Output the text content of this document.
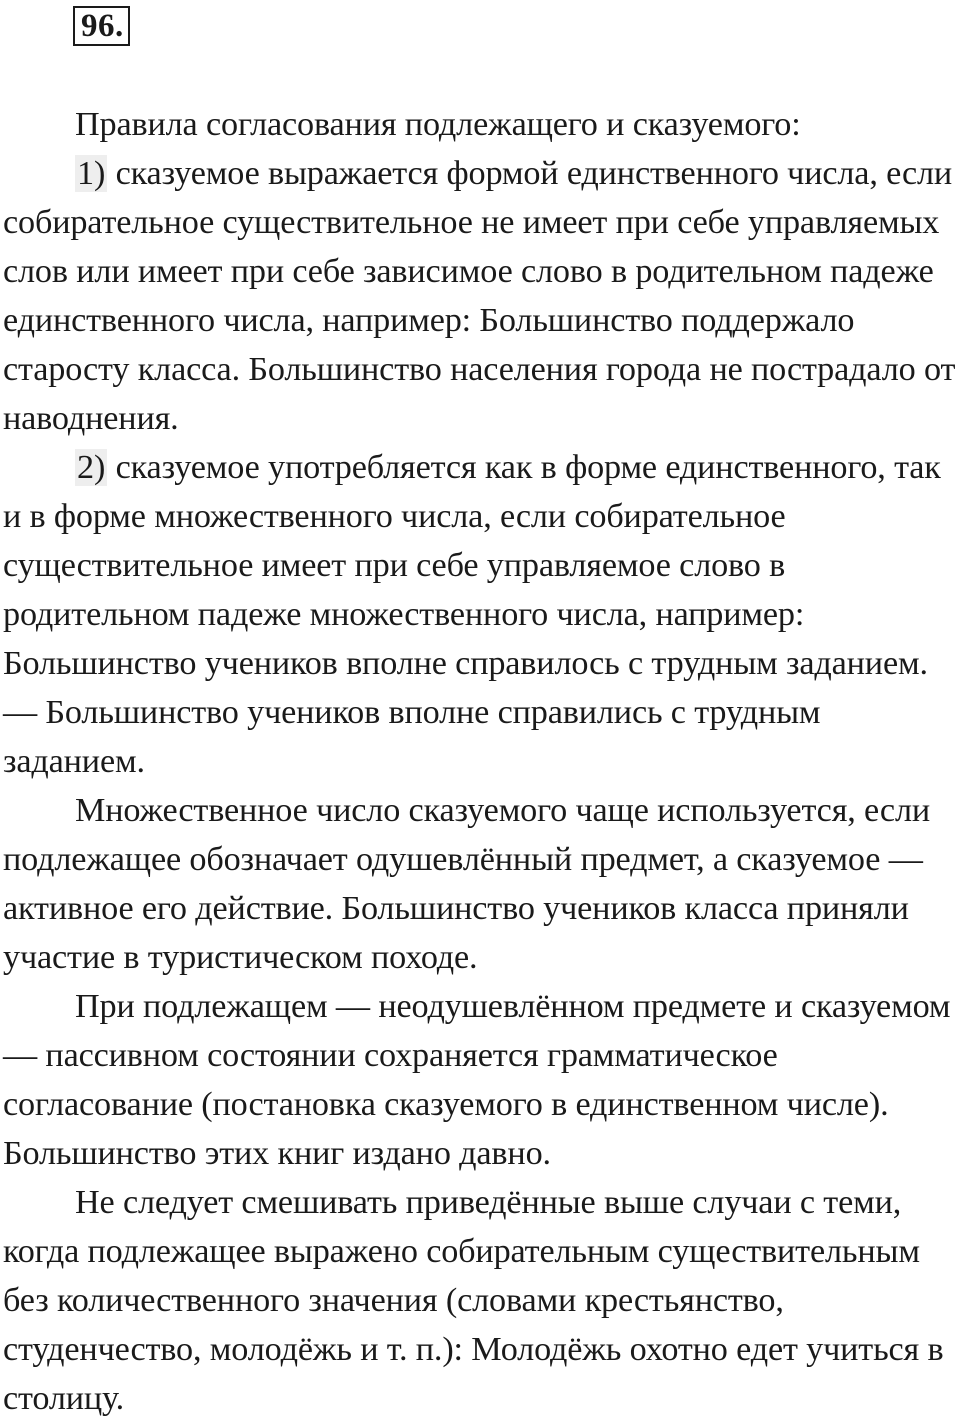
96.

Правила согласования подлежащего и сказуемого:

1) сказуемое выражается формой единственного числа, если собирательное существительное не имеет при себе управляемых слов или имеет при себе зависимое слово в родительном падеже единственного числа, например: Большинство поддержало старосту класса. Большинство населения города не пострадало от наводнения.

2) сказуемое употребляется как в форме единственного, так и в форме множественного числа, если собирательное существительное имеет при себе управляемое слово в родительном падеже множественного числа, например: Большинство учеников вполне справилось с трудным заданием. — Большинство учеников вполне справились с трудным заданием.

Множественное число сказуемого чаще используется, если подлежащее обозначает одушевлённый предмет, а сказуемое — активное его действие. Большинство учеников класса приняли участие в туристическом походе.

При подлежащем — неодушевлённом предмете и сказуемом — пассивном состоянии сохраняется грамматическое согласование (постановка сказуемого в единственном числе). Большинство этих книг издано давно.

Не следует смешивать приведённые выше случаи с теми, когда подлежащее выражено собирательным существительным без количественного значения (словами крестьянство, студенчество, молодёжь и т. п.): Молодёжь охотно едет учиться в столицу.
